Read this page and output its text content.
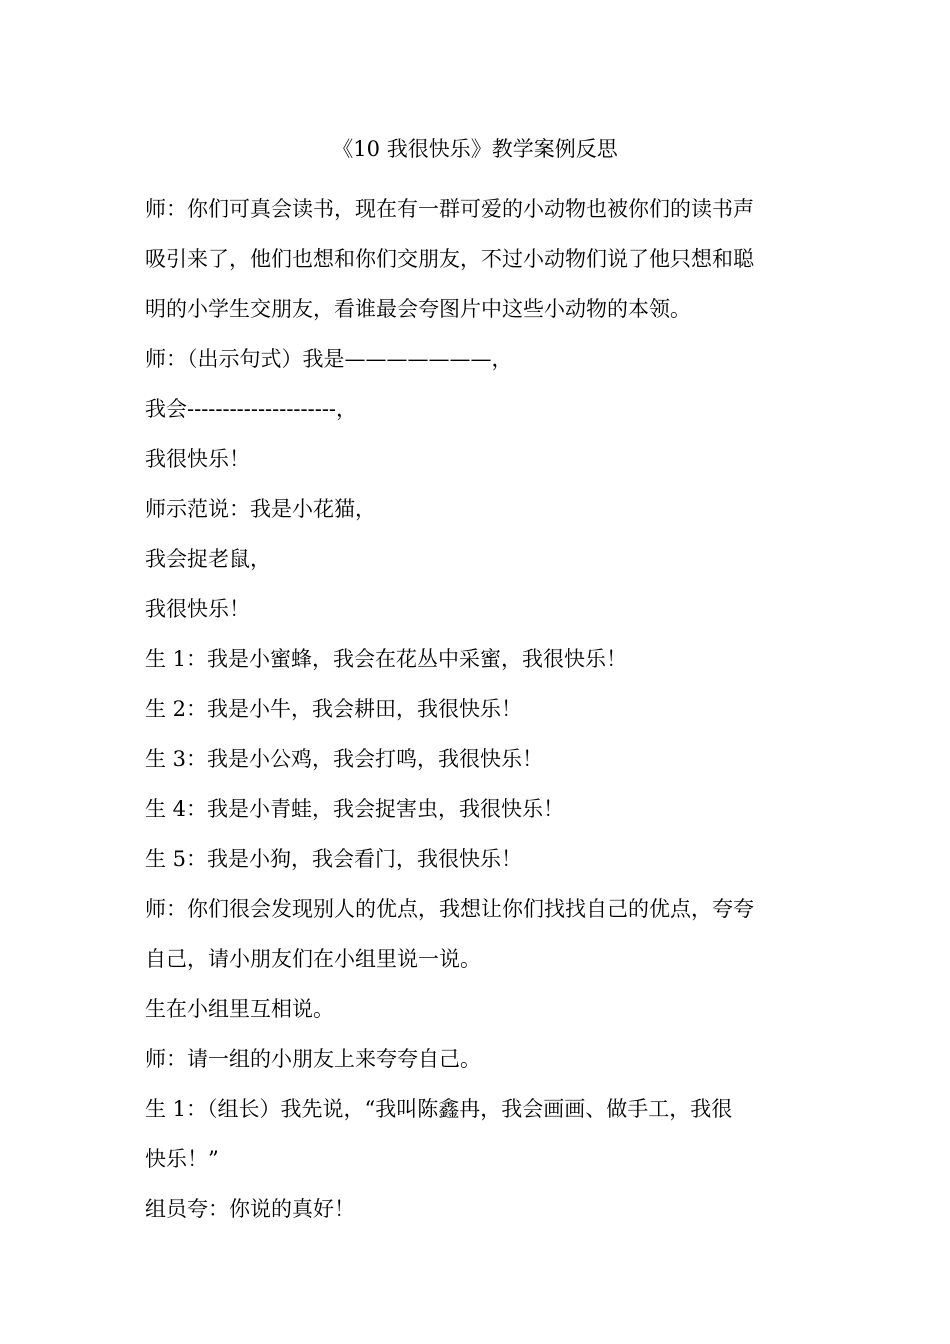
《10 我很快乐》教学案例反思
师：你们可真会读书，现在有一群可爱的小动物也被你们的读书声
吸引来了，他们也想和你们交朋友，不过小动物们说了他只想和聪
明的小学生交朋友，看谁最会夸图片中这些小动物的本领。
师：（出示句式）我是———————，
我会---------------------，
我很快乐！
师示范说：我是小花猫，
我会捉老鼠，
我很快乐！
生 1：我是小蜜蜂，我会在花丛中采蜜，我很快乐！
生 2：我是小牛，我会耕田，我很快乐！
生 3：我是小公鸡，我会打鸣，我很快乐！
生 4：我是小青蛙，我会捉害虫，我很快乐！
生 5：我是小狗，我会看门，我很快乐！
师：你们很会发现别人的优点，我想让你们找找自己的优点，夸夸
自己，请小朋友们在小组里说一说。
生在小组里互相说。
师：请一组的小朋友上来夸夸自己。
生 1：（组长）我先说，“我叫陈鑫冉，我会画画、做手工，我很
快乐！”
组员夸：你说的真好！
